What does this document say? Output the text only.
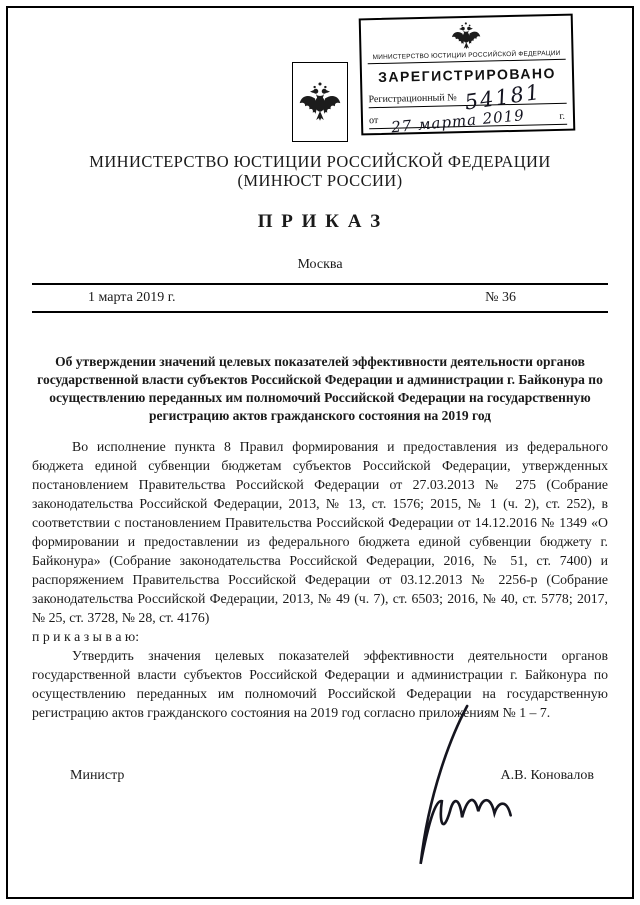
МИНИСТЕРСТВО ЮСТИЦИИ РОССИЙСКОЙ ФЕДЕРАЦИИ
ЗАРЕГИСТРИРОВАНО
Регистрационный № 54181
от 27 марта 2019	г.
МИНИСТЕРСТВО ЮСТИЦИИ РОССИЙСКОЙ ФЕДЕРАЦИИ
(МИНЮСТ РОССИИ)
П Р И К А З
Москва
1 марта 2019 г.	№ 36
Об утверждении значений целевых показателей эффективности деятельности органов государственной власти субъектов Российской Федерации и администрации г. Байконура по осуществлению переданных им полномочий Российской Федерации на государственную регистрацию актов гражданского состояния на 2019 год

Во исполнение пункта 8 Правил формирования и предоставления из федерального бюджета единой субвенции бюджетам субъектов Российской Федерации, утвержденных постановлением Правительства Российской Федерации от 27.03.2013 № 275 (Собрание законодательства Российской Федерации, 2013, № 13, ст. 1576; 2015, № 1 (ч. 2), ст. 252), в соответствии с постановлением Правительства Российской Федерации от 14.12.2016 № 1349 «О формировании и предоставлении из федерального бюджета единой субвенции бюджету г. Байконура» (Собрание законодательства Российской Федерации, 2016, № 51, ст. 7400) и распоряжением Правительства Российской Федерации от 03.12.2013 № 2256-р (Собрание законодательства Российской Федерации, 2013, № 49 (ч. 7), ст. 6503; 2016, № 40, ст. 5778; 2017, № 25, ст. 3728, № 28, ст. 4176)

п р и к а з ы в а ю:

Утвердить значения целевых показателей эффективности деятельности органов государственной власти субъектов Российской Федерации и администрации г. Байконура по осуществлению переданных им полномочий Российской Федерации на государственную регистрацию актов гражданского состояния на 2019 год согласно приложениям № 1 – 7.

Министр	А.В. Коновалов
